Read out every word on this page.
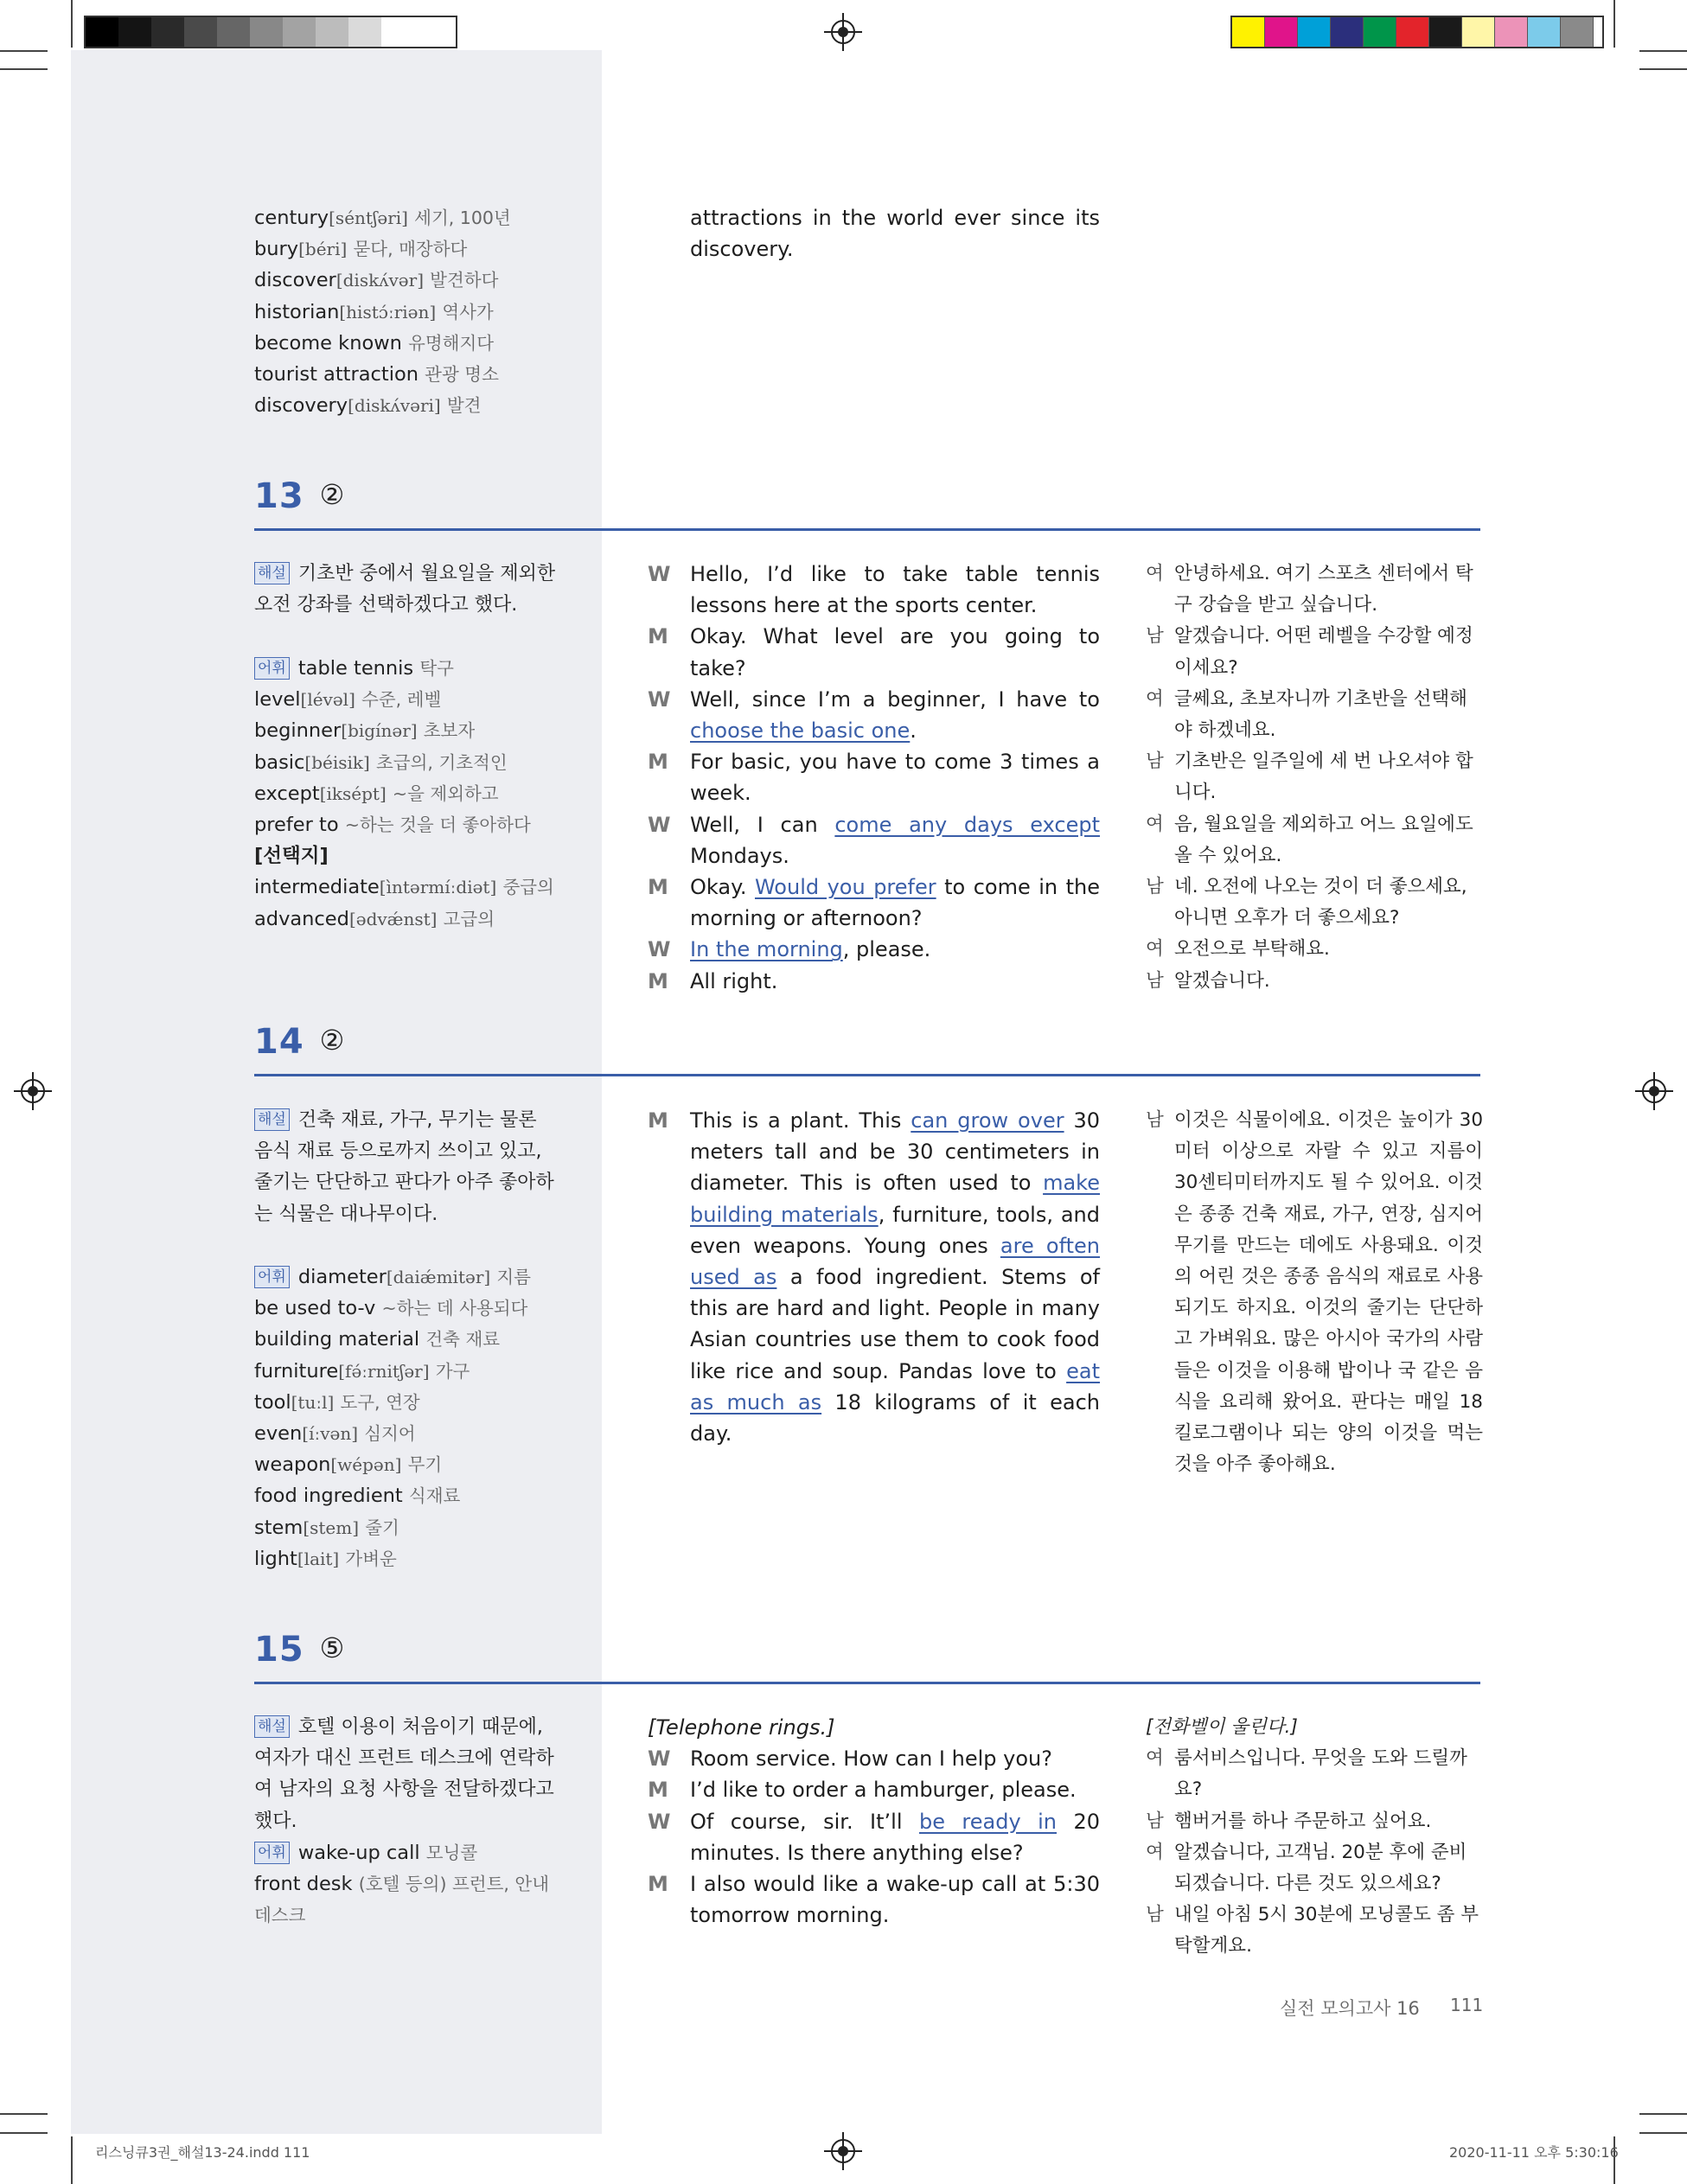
century[séntʃəri] 세기, 100년
bury[béri] 묻다, 매장하다
discover[diskʌ́vər] 발견하다
historian[histɔ́ːriən] 역사가
become known 유명해지다
tourist attraction 관광 명소
discovery[diskʌ́vəri] 발견
attractions in the world ever since its discovery.
13 ②
해설 기초반 중에서 월요일을 제외한 오전 강좌를 선택하겠다고 했다.
어휘 table tennis 탁구
level[lévəl] 수준, 레벨
beginner[bigínər] 초보자
basic[béisik] 초급의, 기초적인
except[iksépt] ~을 제외하고
prefer to ~하는 것을 더 좋아하다
[선택지]
intermediate[ìntərmíːdiət] 중급의
advanced[ədvǽnst] 고급의
W Hello, I’d like to take table tennis lessons here at the sports center.
M Okay. What level are you going to take?
W Well, since I’m a beginner, I have to choose the basic one.
M For basic, you have to come 3 times a week.
W Well, I can come any days except Mondays.
M Okay. Would you prefer to come in the morning or afternoon?
W In the morning, please.
M All right.
여 안녕하세요. 여기 스포츠 센터에서 탁구 강습을 받고 싶습니다.
남 알겠습니다. 어떤 레벨을 수강할 예정이세요?
여 글쎄요, 초보자니까 기초반을 선택해야 하겠네요.
남 기초반은 일주일에 세 번 나오셔야 합니다.
여 음, 월요일을 제외하고 어느 요일에도 올 수 있어요.
남 네. 오전에 나오는 것이 더 좋으세요, 아니면 오후가 더 좋으세요?
여 오전으로 부탁해요.
남 알겠습니다.
14 ②
해설 건축 재료, 가구, 무기는 물론 음식 재료 등으로까지 쓰이고 있고, 줄기는 단단하고 판다가 아주 좋아하는 식물은 대나무이다.
어휘 diameter[daiǽmitər] 지름
be used to-v ~하는 데 사용되다
building material 건축 재료
furniture[fə́ːrnitʃər] 가구
tool[tuːl] 도구, 연장
even[íːvən] 심지어
weapon[wépən] 무기
food ingredient 식재료
stem[stem] 줄기
light[lait] 가벼운
M This is a plant. This can grow over 30 meters tall and be 30 centimeters in diameter. This is often used to make building materials, furniture, tools, and even weapons. Young ones are often used as a food ingredient. Stems of this are hard and light. People in many Asian countries use them to cook food like rice and soup. Pandas love to eat as much as 18 kilograms of it each day.
남 이것은 식물이에요. 이것은 높이가 30미터 이상으로 자랄 수 있고 지름이 30센티미터까지도 될 수 있어요. 이것은 종종 건축 재료, 가구, 연장, 심지어 무기를 만드는 데에도 사용돼요. 이것의 어린 것은 종종 음식의 재료로 사용되기도 하지요. 이것의 줄기는 단단하고 가벼워요. 많은 아시아 국가의 사람들은 이것을 이용해 밥이나 국 같은 음식을 요리해 왔어요. 판다는 매일 18킬로그램이나 되는 양의 이것을 먹는 것을 아주 좋아해요.
15 ⑤
해설 호텔 이용이 처음이기 때문에, 여자가 대신 프런트 데스크에 연락하여 남자의 요청 사항을 전달하겠다고 했다.
어휘 wake-up call 모닝콜
front desk (호텔 등의) 프런트, 안내 데스크
[Telephone rings.]
W Room service. How can I help you?
M I’d like to order a hamburger, please.
W Of course, sir. It’ll be ready in 20 minutes. Is there anything else?
M I also would like a wake-up call at 5:30 tomorrow morning.
[전화벨이 울린다.]
여 룸서비스입니다. 무엇을 도와 드릴까요?
남 햄버거를 하나 주문하고 싶어요.
여 알겠습니다, 고객님. 20분 후에 준비되겠습니다. 다른 것도 있으세요?
남 내일 아침 5시 30분에 모닝콜도 좀 부탁할게요.
실전 모의고사 16 111
리스닝큐3권_해설13-24.indd 111	2020-11-11 오후 5:30:16
